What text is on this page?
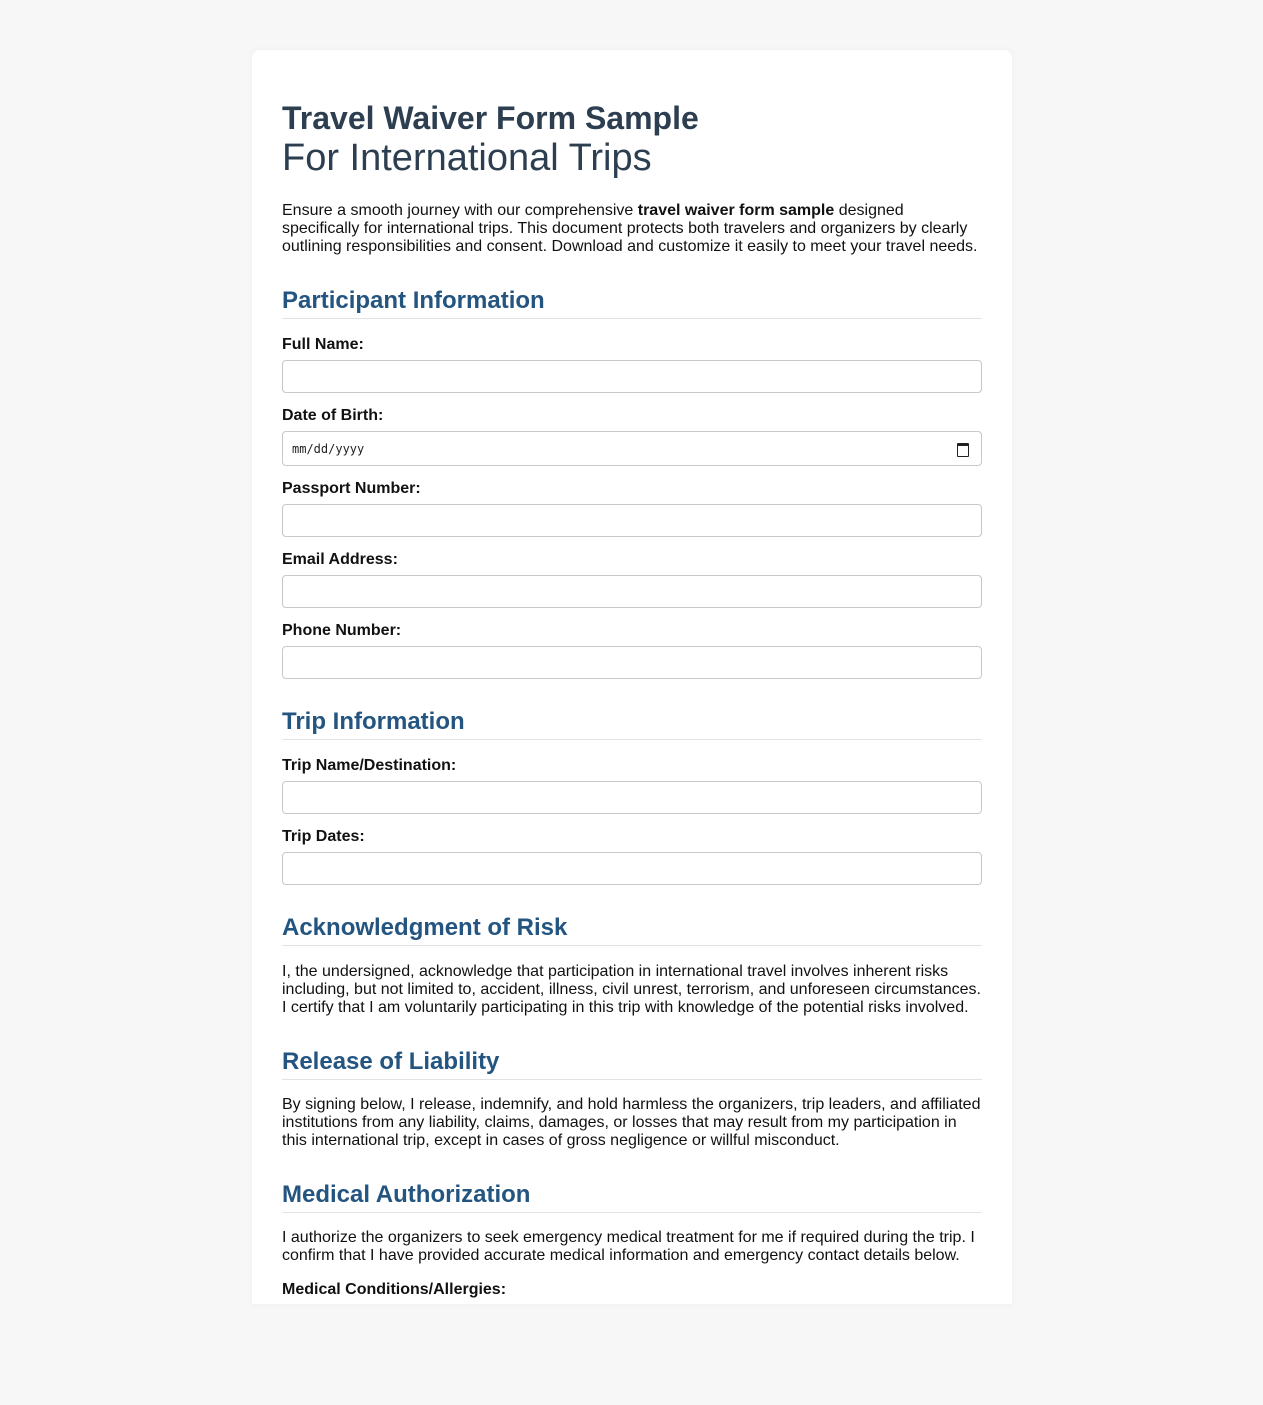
Travel Waiver Form Sample
For International Trips

Ensure a smooth journey with our comprehensive travel waiver form sample designed specifically for international trips. This document protects both travelers and organizers by clearly outlining responsibilities and consent. Download and customize it easily to meet your travel needs.

Participant Information
Full Name:
Date of Birth:
mm/dd/yyyy
Passport Number:
Email Address:
Phone Number:
Trip Information
Trip Name/Destination:
Trip Dates:
Acknowledgment of Risk

I, the undersigned, acknowledge that participation in international travel involves inherent risks including, but not limited to, accident, illness, civil unrest, terrorism, and unforeseen circumstances. I certify that I am voluntarily participating in this trip with knowledge of the potential risks involved.

Release of Liability

By signing below, I release, indemnify, and hold harmless the organizers, trip leaders, and affiliated institutions from any liability, claims, damages, or losses that may result from my participation in this international trip, except in cases of gross negligence or willful misconduct.

Medical Authorization

I authorize the organizers to seek emergency medical treatment for me if required during the trip. I confirm that I have provided accurate medical information and emergency contact details below.

Medical Conditions/Allergies:
